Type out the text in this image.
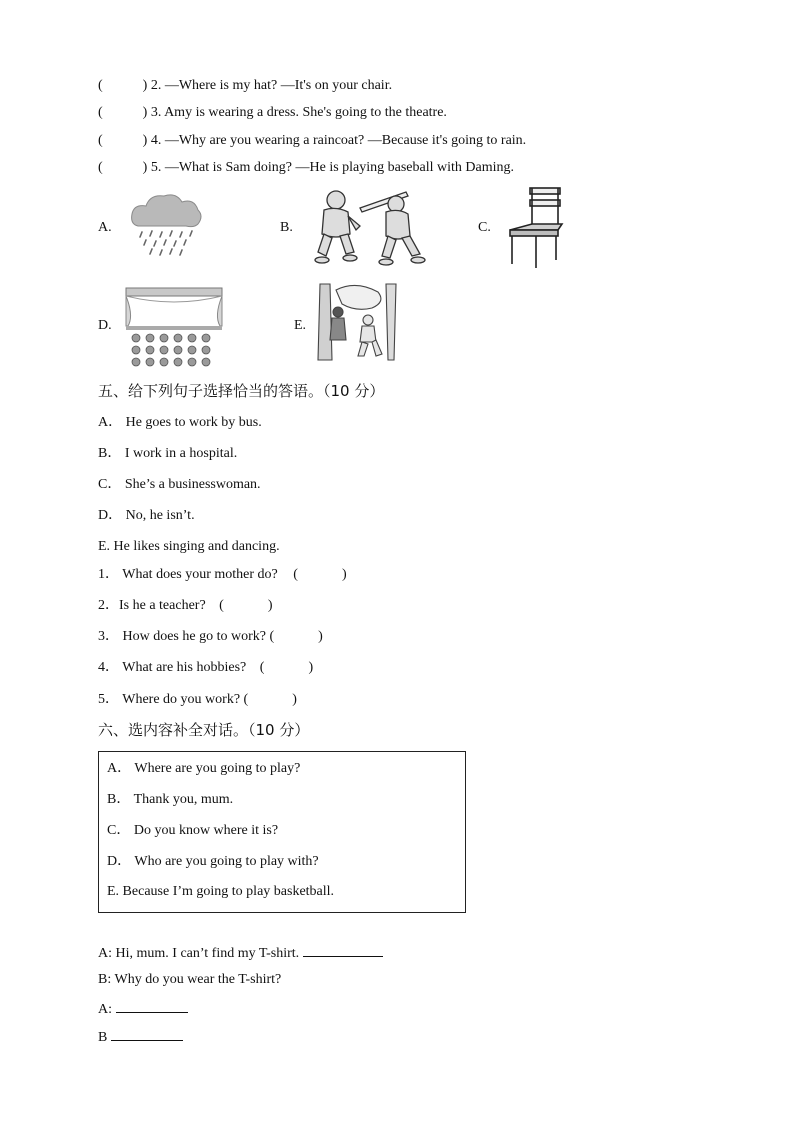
(	) 2. —Where is my hat? —It's on your chair.
(	) 3. Amy is wearing a dress. She's going to the theatre.
(	) 4. —Why are you wearing a raincoat? —Because it's going to rain.
(	) 5. —What is Sam doing? —He is playing baseball with Daming.
A.	B.	C.
D.	E.
五、给下列句子选择恰当的答语。（10 分）
A． He goes to work by bus.
B． I work in a hospital.
C． She’s a businesswoman.
D． No, he isn’t.
E. He likes singing and dancing.
1． What does your mother do? (	)
2．Is he a teacher? (	)
3． How does he go to work? (	)
4． What are his hobbies? (	)
5． Where do you work? (	)
六、选内容补全对话。（10 分）
A． Where are you going to play?
B． Thank you, mum.
C． Do you know where it is?
D． Who are you going to play with?
E. Because I’m going to play basketball.
A: Hi, mum. I can’t find my T-shirt.
B: Why do you wear the T-shirt?
A:
B
